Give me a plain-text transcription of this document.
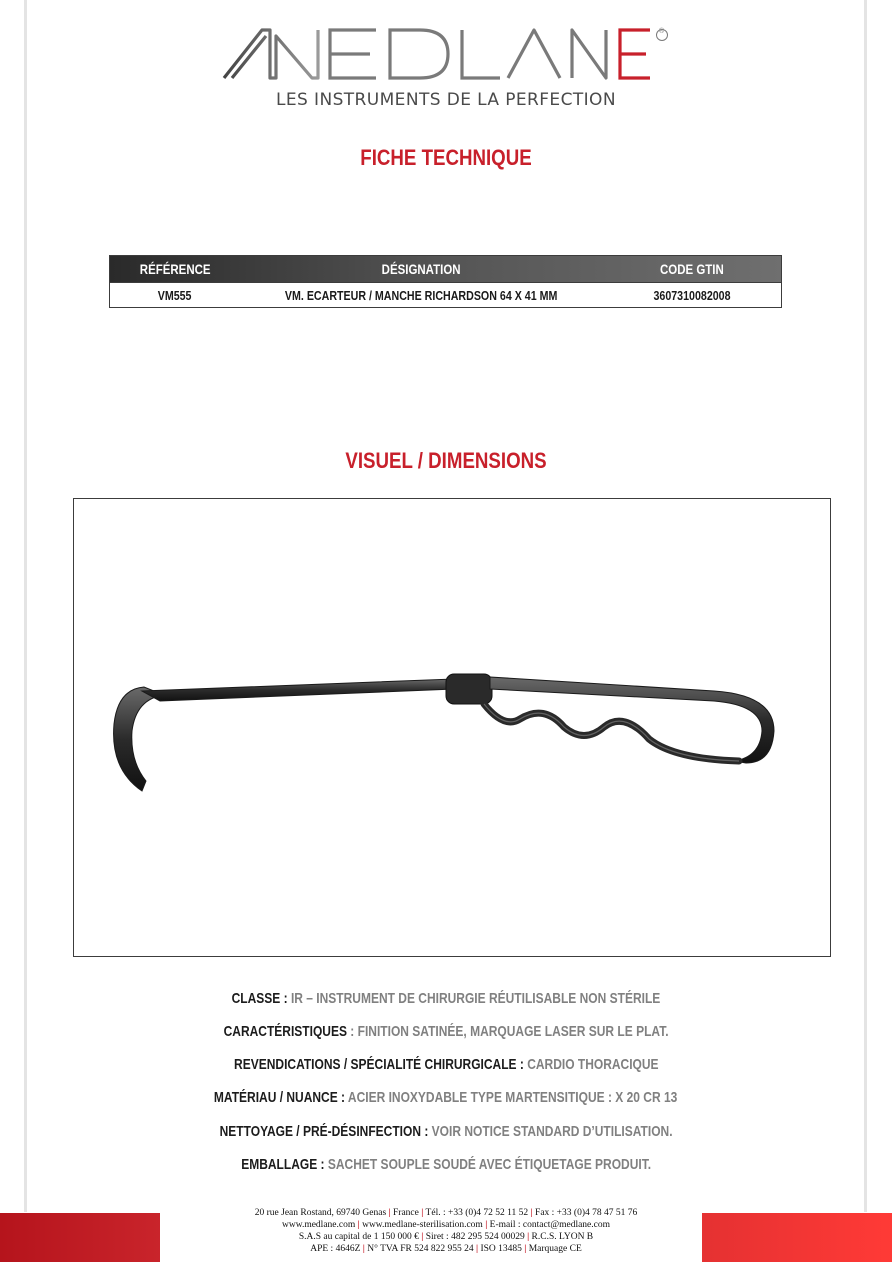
®
LES INSTRUMENTS DE LA PERFECTION
FICHE TECHNIQUE
RÉFÉRENCE	DÉSIGNATION	CODE GTIN
VM555	VM. ECARTEUR / MANCHE RICHARDSON 64 X 41 MM	3607310082008
VISUEL / DIMENSIONS
CLASSE : IR – INSTRUMENT DE CHIRURGIE RÉUTILISABLE NON STÉRILE
CARACTÉRISTIQUES : FINITION SATINÉE, MARQUAGE LASER SUR LE PLAT.
REVENDICATIONS / SPÉCIALITÉ CHIRURGICALE : CARDIO THORACIQUE
MATÉRIAU / NUANCE : ACIER INOXYDABLE TYPE MARTENSITIQUE : X 20 CR 13
NETTOYAGE / PRÉ-DÉSINFECTION : VOIR NOTICE STANDARD D’UTILISATION.
EMBALLAGE : SACHET SOUPLE SOUDÉ AVEC ÉTIQUETAGE PRODUIT.
20 rue Jean Rostand, 69740 Genas | France | Tél. : +33 (0)4 72 52 11 52 | Fax : +33 (0)4 78 47 51 76
www.medlane.com | www.medlane-sterilisation.com | E-mail : contact@medlane.com
S.A.S au capital de 1 150 000 € | Siret : 482 295 524 00029 | R.C.S. LYON B
APE : 4646Z | N° TVA FR 524 822 955 24 | ISO 13485 | Marquage CE
